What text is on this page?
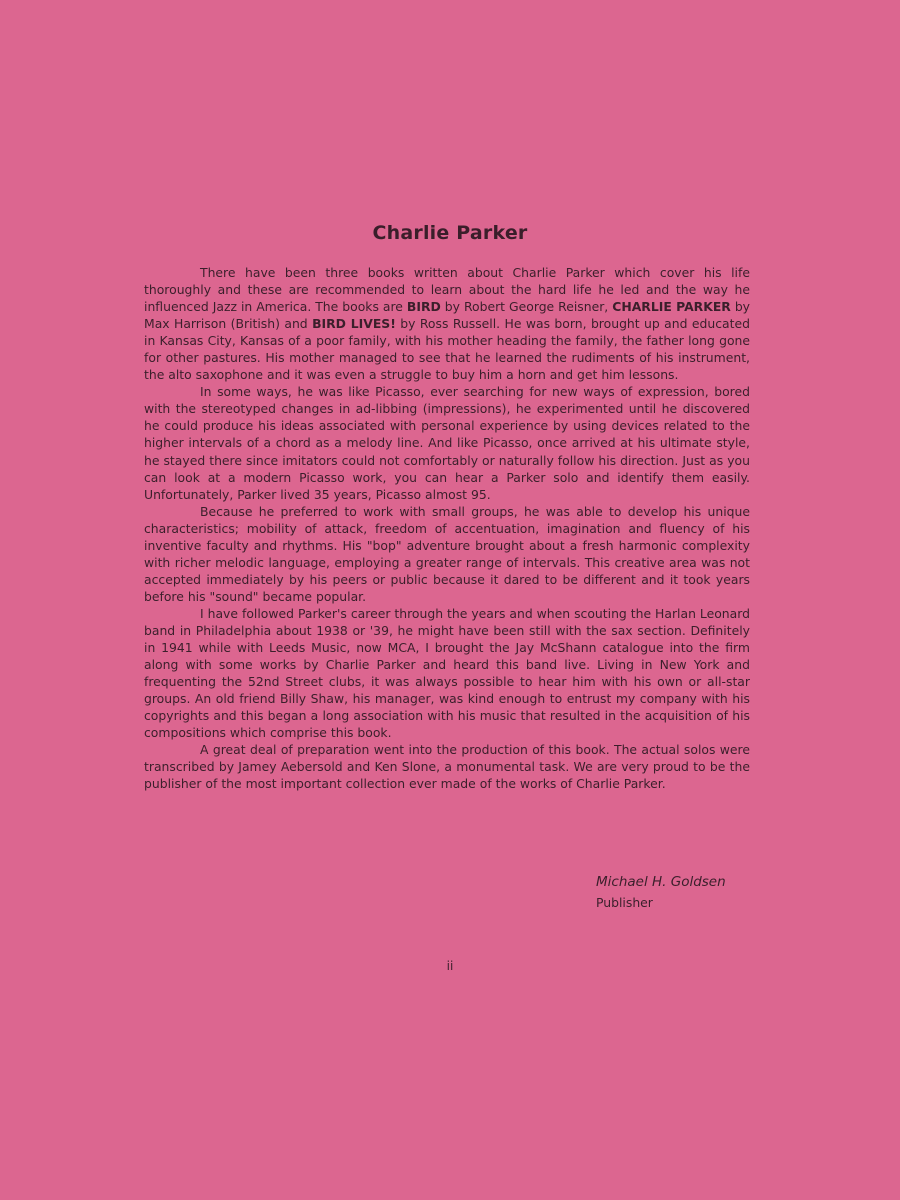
Charlie Parker

There have been three books written about Charlie Parker which cover his life thoroughly and these are recommended to learn about the hard life he led and the way he influenced Jazz in America. The books are BIRD by Robert George Reisner, CHARLIE PARKER by Max Harrison (British) and BIRD LIVES! by Ross Russell. He was born, brought up and educated in Kansas City, Kansas of a poor family, with his mother heading the family, the father long gone for other pastures. His mother managed to see that he learned the rudiments of his instrument, the alto saxophone and it was even a struggle to buy him a horn and get him lessons.

In some ways, he was like Picasso, ever searching for new ways of expression, bored with the stereotyped changes in ad-libbing (impressions), he experimented until he discovered he could produce his ideas associated with personal experience by using devices related to the higher intervals of a chord as a melody line. And like Picasso, once arrived at his ultimate style, he stayed there since imitators could not comfortably or naturally follow his direction. Just as you can look at a modern Picasso work, you can hear a Parker solo and identify them easily. Unfortunately, Parker lived 35 years, Picasso almost 95.

Because he preferred to work with small groups, he was able to develop his unique characteristics; mobility of attack, freedom of accentuation, imagination and fluency of his inventive faculty and rhythms. His "bop" adventure brought about a fresh harmonic complexity with richer melodic language, employing a greater range of intervals. This creative area was not accepted immediately by his peers or public because it dared to be different and it took years before his "sound" became popular.

I have followed Parker's career through the years and when scouting the Harlan Leonard band in Philadelphia about 1938 or '39, he might have been still with the sax section. Definitely in 1941 while with Leeds Music, now MCA, I brought the Jay McShann catalogue into the firm along with some works by Charlie Parker and heard this band live. Living in New York and frequenting the 52nd Street clubs, it was always possible to hear him with his own or all-star groups. An old friend Billy Shaw, his manager, was kind enough to entrust my company with his copyrights and this began a long association with his music that resulted in the acquisition of his compositions which comprise this book.

A great deal of preparation went into the production of this book. The actual solos were transcribed by Jamey Aebersold and Ken Slone, a monumental task. We are very proud to be the publisher of the most important collection ever made of the works of Charlie Parker.

Michael H. Goldsen
Publisher
ii
